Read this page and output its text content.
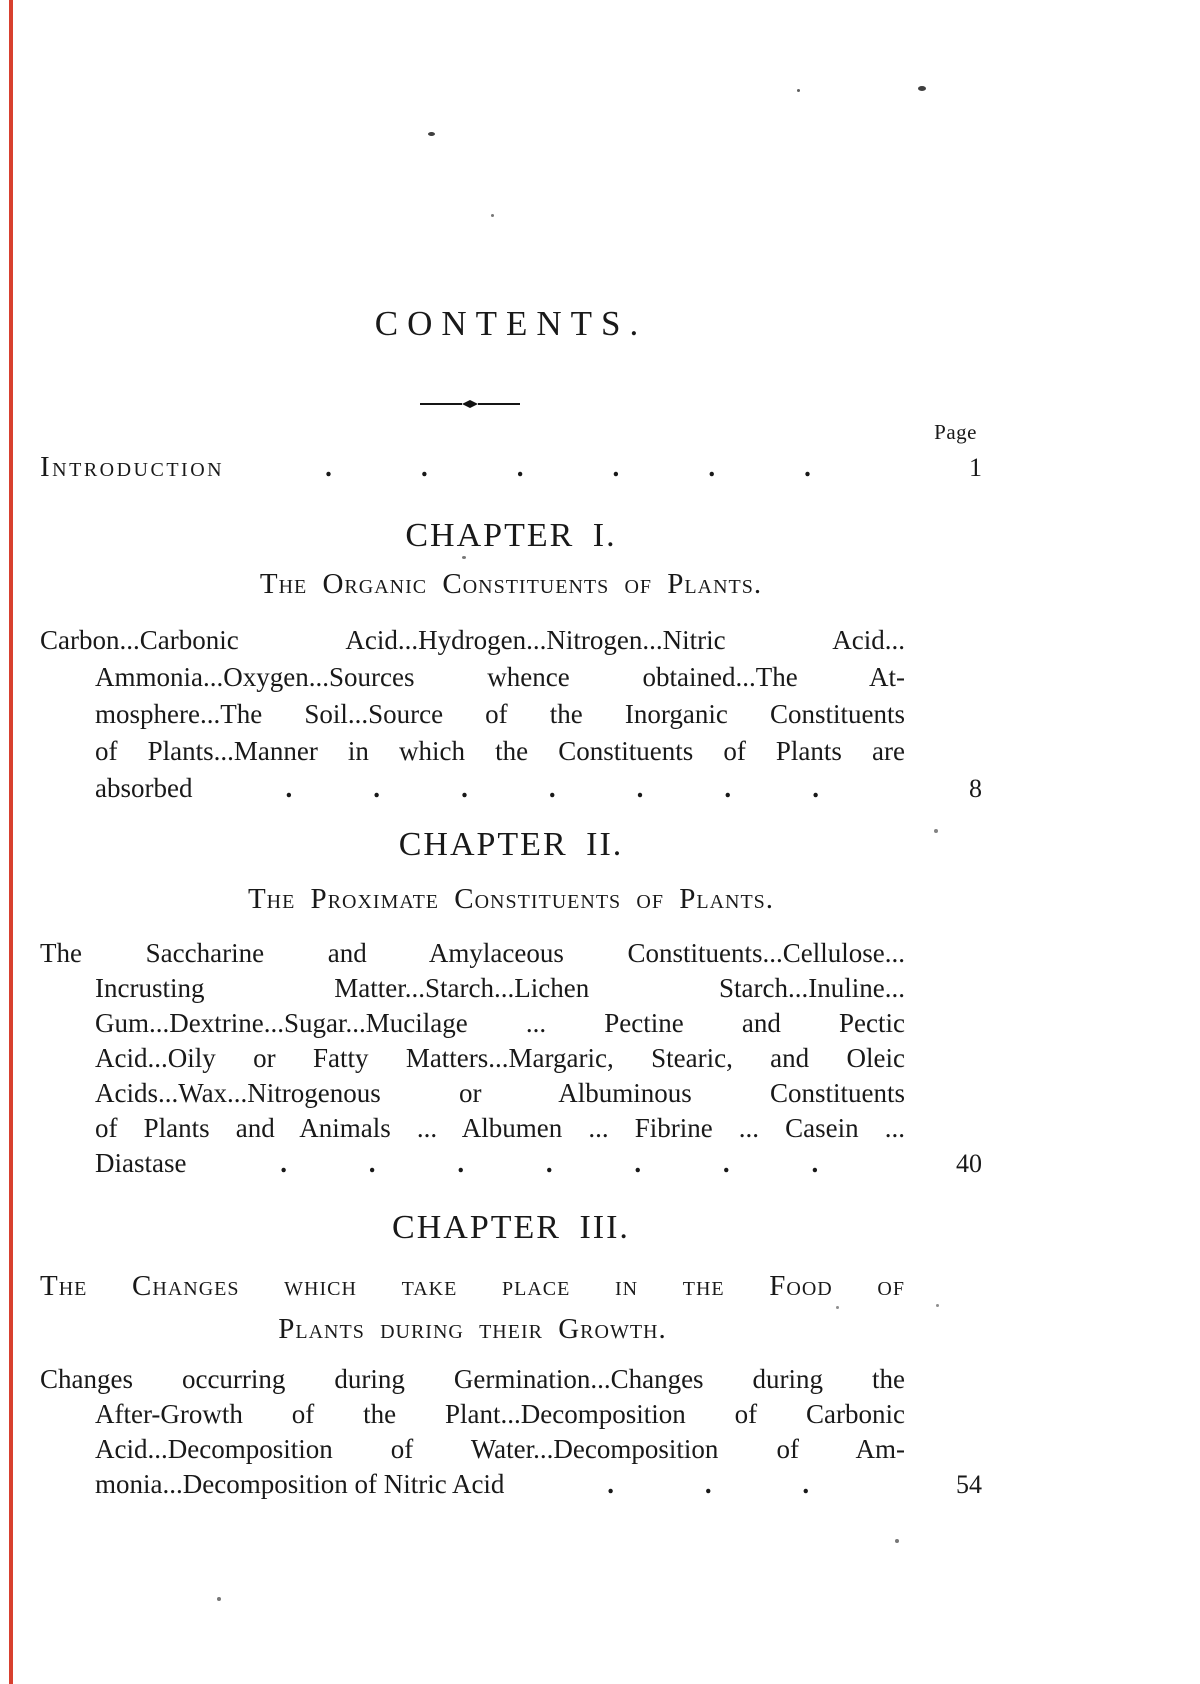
CONTENTS.
Page
Introduction	.	.	.	.	.	.	1
CHAPTER I.
The Organic Constituents of Plants.
Carbon...Carbonic Acid...Hydrogen...Nitrogen...Nitric Acid...
Ammonia...Oxygen...Sources whence obtained...The At-
mosphere...The Soil...Source of the Inorganic Constituents
of Plants...Manner in which the Constituents of Plants are
absorbed	.	.	.	.	.	.	.	8
CHAPTER II.
The Proximate Constituents of Plants.
The Saccharine and Amylaceous Constituents...Cellulose...
Incrusting Matter...Starch...Lichen Starch...Inuline...
Gum...Dextrine...Sugar...Mucilage ... Pectine and Pectic
Acid...Oily or Fatty Matters...Margaric, Stearic, and Oleic
Acids...Wax...Nitrogenous or Albuminous Constituents
of Plants and Animals ... Albumen ... Fibrine ... Casein ...
Diastase	.	.	.	.	.	.	.	40
CHAPTER III.
The Changes which take place in the Food of
Plants during their Growth.
Changes occurring during Germination...Changes during the
After-Growth of the Plant...Decomposition of Carbonic
Acid...Decomposition of Water...Decomposition of Am-
monia...Decomposition of Nitric Acid	.	.	.	54
